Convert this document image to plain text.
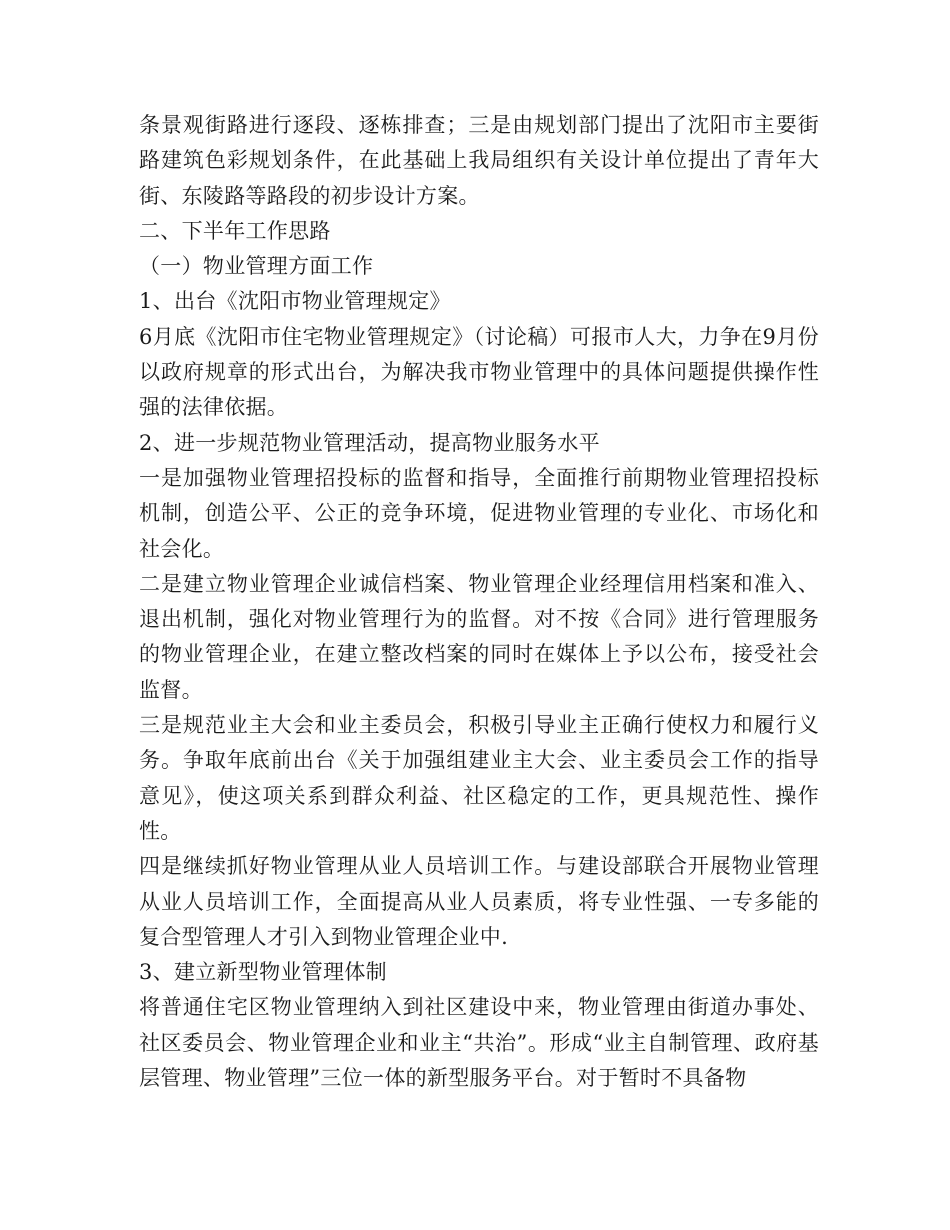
条景观街路进行逐段、逐栋排查；三是由规划部门提出了沈阳市主要街路建筑色彩规划条件，在此基础上我局组织有关设计单位提出了青年大街、东陵路等路段的初步设计方案。

二、下半年工作思路

（一）物业管理方面工作

1、出台《沈阳市物业管理规定》

6月底《沈阳市住宅物业管理规定》（讨论稿）可报市人大，力争在9月份以政府规章的形式出台，为解决我市物业管理中的具体问题提供操作性强的法律依据。

2、进一步规范物业管理活动，提高物业服务水平

一是加强物业管理招投标的监督和指导，全面推行前期物业管理招投标机制，创造公平、公正的竞争环境，促进物业管理的专业化、市场化和社会化。

二是建立物业管理企业诚信档案、物业管理企业经理信用档案和准入、退出机制，强化对物业管理行为的监督。对不按《合同》进行管理服务的物业管理企业，在建立整改档案的同时在媒体上予以公布，接受社会监督。

三是规范业主大会和业主委员会，积极引导业主正确行使权力和履行义务。争取年底前出台《关于加强组建业主大会、业主委员会工作的指导意见》，使这项关系到群众利益、社区稳定的工作，更具规范性、操作性。

四是继续抓好物业管理从业人员培训工作。与建设部联合开展物业管理从业人员培训工作，全面提高从业人员素质，将专业性强、一专多能的复合型管理人才引入到物业管理企业中.

3、建立新型物业管理体制

将普通住宅区物业管理纳入到社区建设中来，物业管理由街道办事处、社区委员会、物业管理企业和业主“共治”。形成“业主自制管理、政府基层管理、物业管理”三位一体的新型服务平台。对于暂时不具备物
